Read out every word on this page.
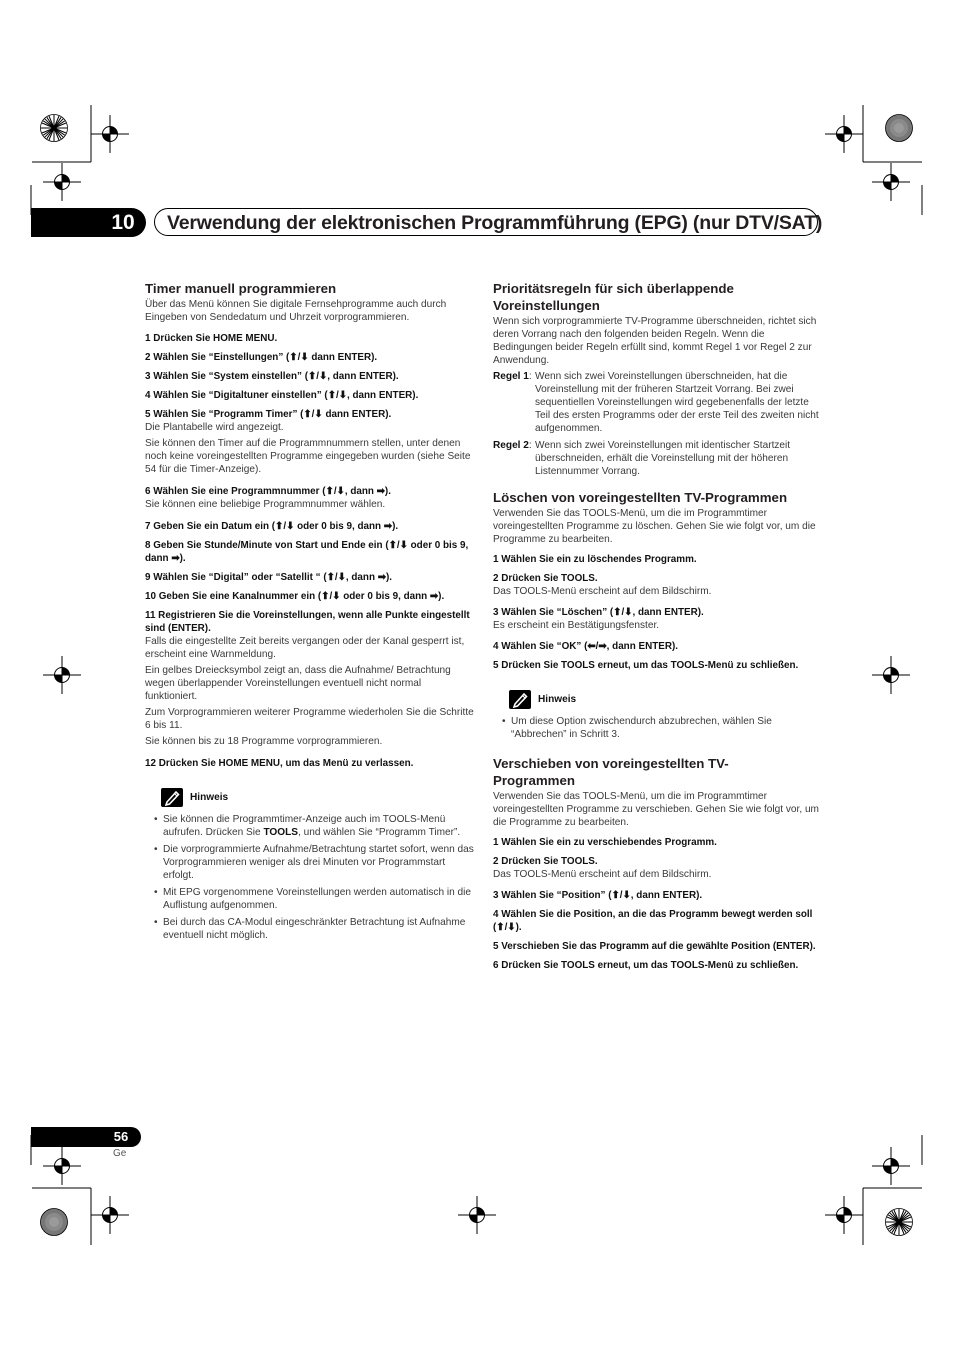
10	Verwendung der elektronischen Programmführung (EPG) (nur DTV/SAT)
Timer manuell programmieren

Über das Menü können Sie digitale Fernsehprogramme auch durch Eingeben von Sendedatum und Uhrzeit vorprogrammieren.

1 Drücken Sie HOME MENU.

2 Wählen Sie “Einstellungen” (⬆/⬇ dann ENTER).

3 Wählen Sie “System einstellen” (⬆/⬇, dann ENTER).

4 Wählen Sie “Digitaltuner einstellen” (⬆/⬇, dann ENTER).

5 Wählen Sie “Programm Timer” (⬆/⬇ dann ENTER).

Die Plantabelle wird angezeigt.

Sie können den Timer auf die Programmnummern stellen, unter denen noch keine voreingestellten Programme eingegeben wurden (siehe Seite 54 für die Timer-Anzeige).

6 Wählen Sie eine Programmnummer (⬆/⬇, dann ➡).

Sie können eine beliebige Programmnummer wählen.

7 Geben Sie ein Datum ein (⬆/⬇ oder 0 bis 9, dann ➡).

8 Geben Sie Stunde/Minute von Start und Ende ein (⬆/⬇ oder 0 bis 9, dann ➡).

9 Wählen Sie “Digital” oder “Satellit “ (⬆/⬇, dann ➡).

10 Geben Sie eine Kanalnummer ein (⬆/⬇ oder 0 bis 9, dann ➡).

11 Registrieren Sie die Voreinstellungen, wenn alle Punkte eingestellt sind (ENTER).

Falls die eingestellte Zeit bereits vergangen oder der Kanal gesperrt ist, erscheint eine Warnmeldung.

Ein gelbes Dreiecksymbol zeigt an, dass die Aufnahme/ Betrachtung wegen überlappender Voreinstellungen eventuell nicht normal funktioniert.

Zum Vorprogrammieren weiterer Programme wiederholen Sie die Schritte 6 bis 11.

Sie können bis zu 18 Programme vorprogrammieren.

12 Drücken Sie HOME MENU, um das Menü zu verlassen.

Hinweis
• Sie können die Programmtimer-Anzeige auch im TOOLS-Menü aufrufen. Drücken Sie TOOLS, und wählen Sie “Programm Timer”.
• Die vorprogrammierte Aufnahme/Betrachtung startet sofort, wenn das Vorprogrammieren weniger als drei Minuten vor Programmstart erfolgt.
• Mit EPG vorgenommene Voreinstellungen werden automatisch in die Auflistung aufgenommen.
• Bei durch das CA-Modul eingeschränkter Betrachtung ist Aufnahme eventuell nicht möglich.
Prioritätsregeln für sich überlappende Voreinstellungen

Wenn sich vorprogrammierte TV-Programme überschneiden, richtet sich deren Vorrang nach den folgenden beiden Regeln. Wenn die Bedingungen beider Regeln erfüllt sind, kommt Regel 1 vor Regel 2 zur Anwendung.

Regel 1: Wenn sich zwei Voreinstellungen überschneiden, hat die Voreinstellung mit der früheren Startzeit Vorrang. Bei zwei sequentiellen Voreinstellungen wird gegebenenfalls der letzte Teil des ersten Programms oder der erste Teil des zweiten nicht aufgenommen.
Regel 2: Wenn sich zwei Voreinstellungen mit identischer Startzeit überschneiden, erhält die Voreinstellung mit der höheren Listennummer Vorrang.
Löschen von voreingestellten TV-Programmen

Verwenden Sie das TOOLS-Menü, um die im Programmtimer voreingestellten Programme zu löschen. Gehen Sie wie folgt vor, um die Programme zu bearbeiten.

1 Wählen Sie ein zu löschendes Programm.

2 Drücken Sie TOOLS.

Das TOOLS-Menü erscheint auf dem Bildschirm.

3 Wählen Sie “Löschen” (⬆/⬇, dann ENTER).

Es erscheint ein Bestätigungsfenster.

4 Wählen Sie “OK” (⬅/➡, dann ENTER).

5 Drücken Sie TOOLS erneut, um das TOOLS-Menü zu schließen.

Hinweis
• Um diese Option zwischendurch abzubrechen, wählen Sie “Abbrechen” in Schritt 3.
Verschieben von voreingestellten TV-Programmen

Verwenden Sie das TOOLS-Menü, um die im Programmtimer voreingestellten Programme zu verschieben. Gehen Sie wie folgt vor, um die Programme zu bearbeiten.

1 Wählen Sie ein zu verschiebendes Programm.

2 Drücken Sie TOOLS.

Das TOOLS-Menü erscheint auf dem Bildschirm.

3 Wählen Sie “Position” (⬆/⬇, dann ENTER).

4 Wählen Sie die Position, an die das Programm bewegt werden soll (⬆/⬇).

5 Verschieben Sie das Programm auf die gewählte Position (ENTER).

6 Drücken Sie TOOLS erneut, um das TOOLS-Menü zu schließen.

56
Ge
